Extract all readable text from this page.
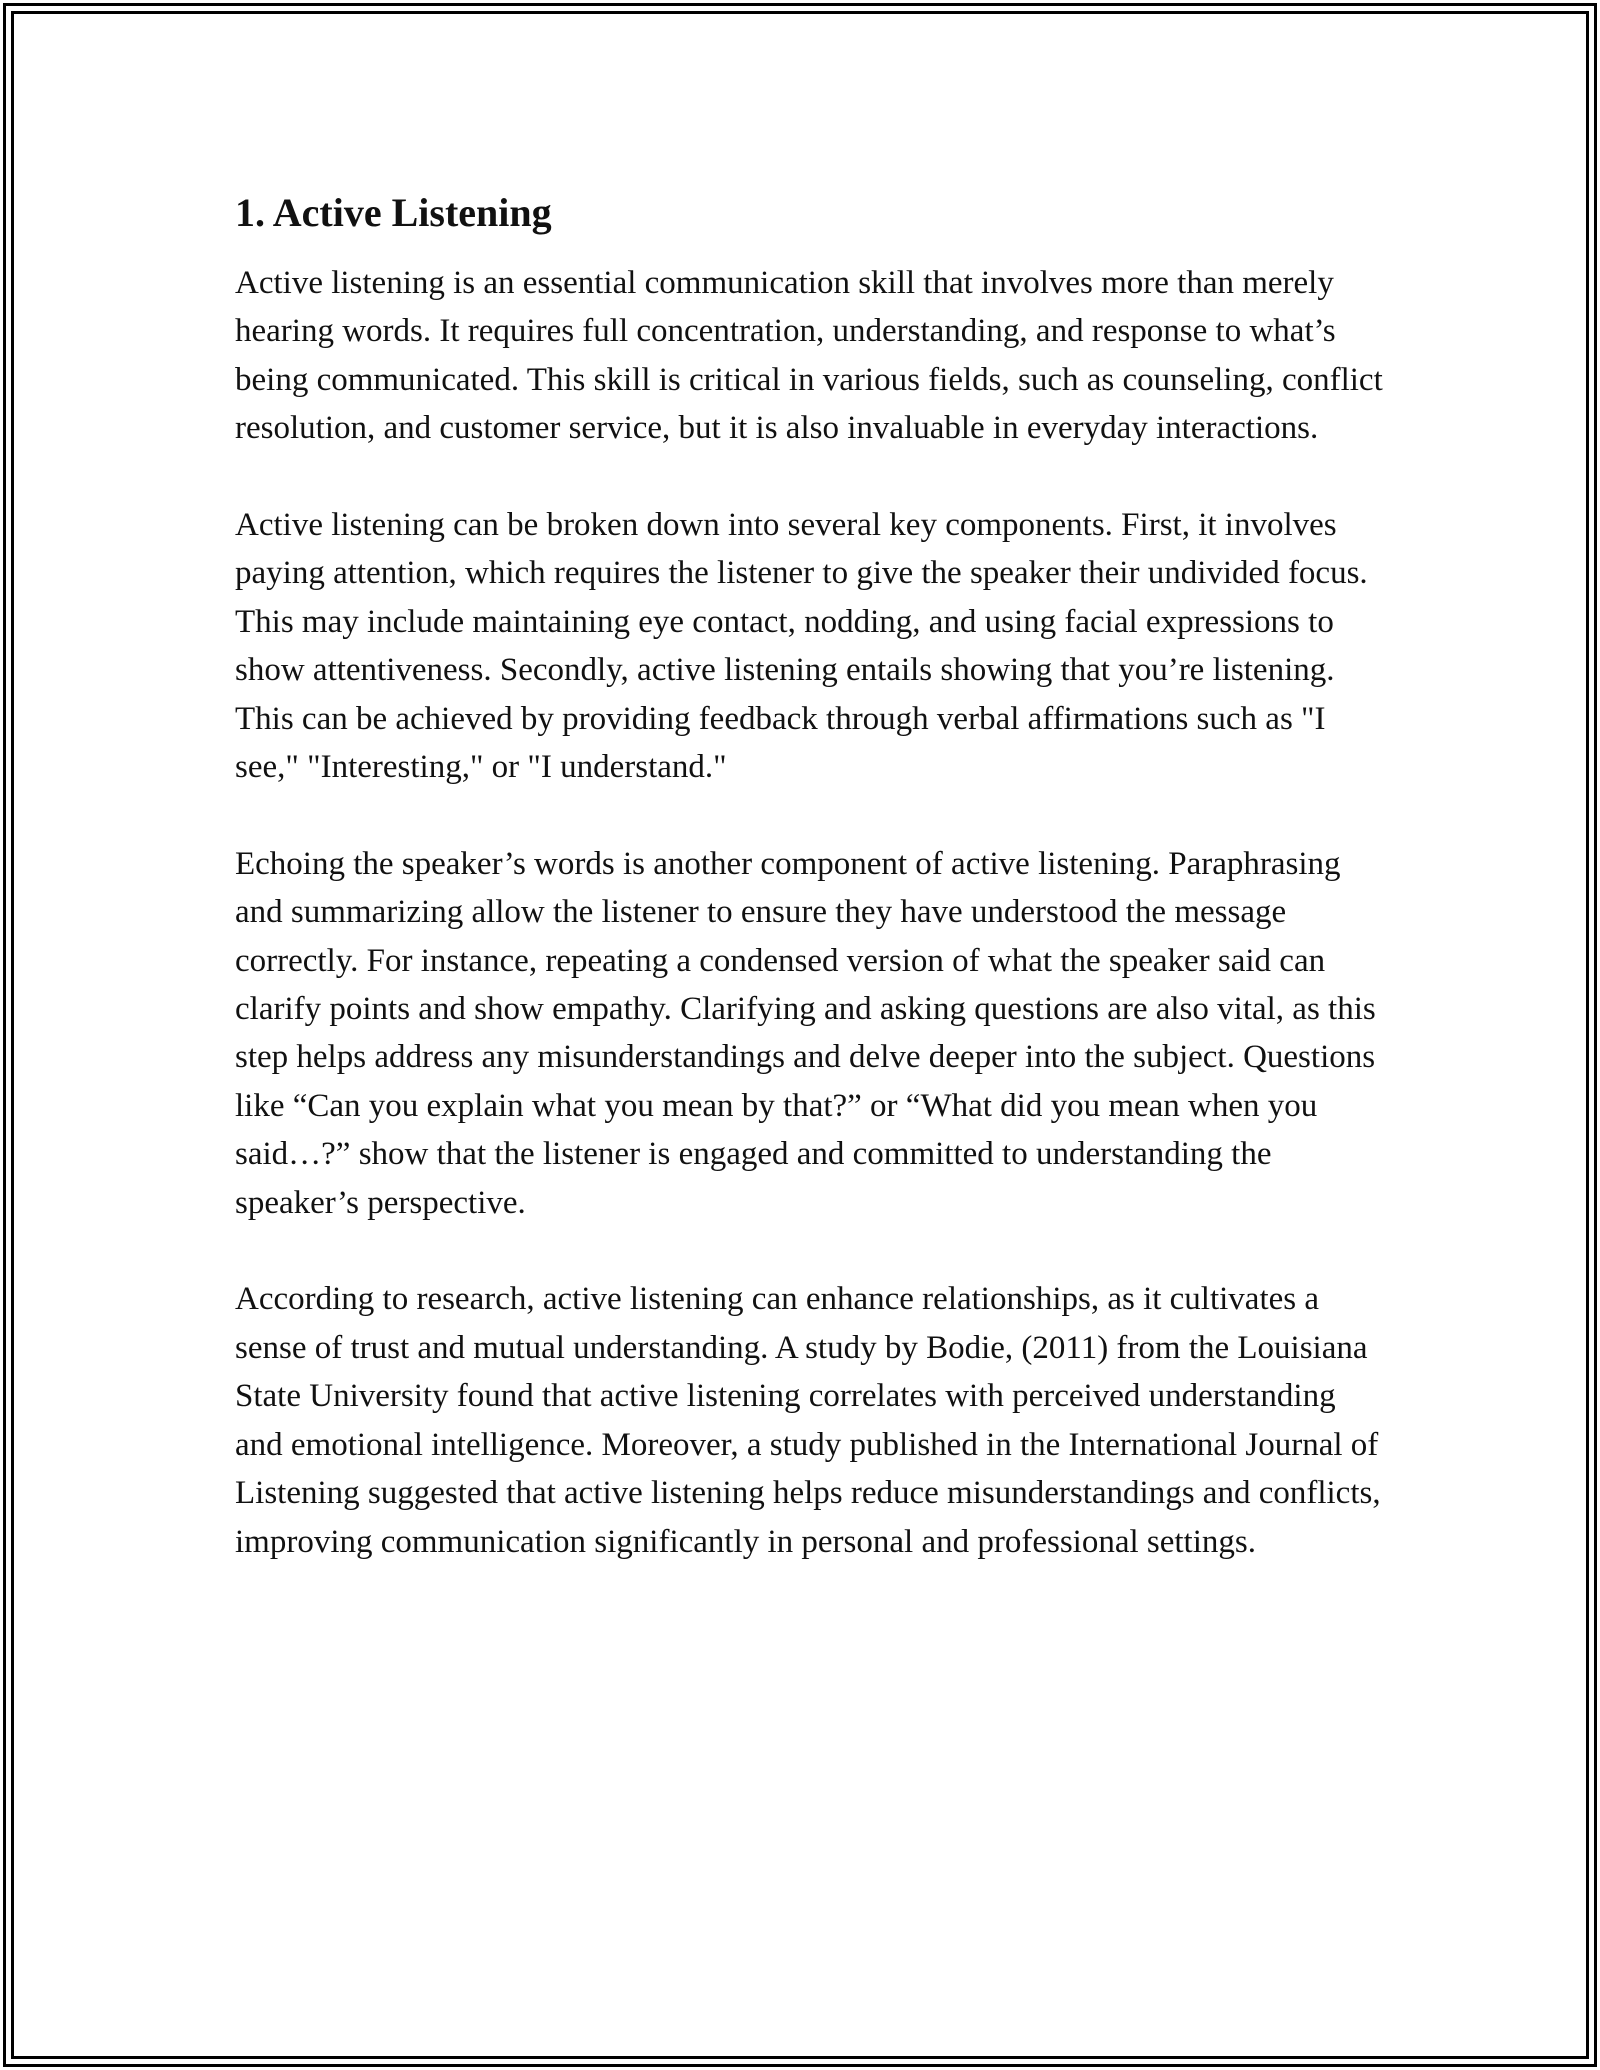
1. Active Listening

Active listening is an essential communication skill that involves more than merely hearing words. It requires full concentration, understanding, and response to what’s being communicated. This skill is critical in various fields, such as counseling, conflict resolution, and customer service, but it is also invaluable in everyday interactions.

Active listening can be broken down into several key components. First, it involves paying attention, which requires the listener to give the speaker their undivided focus. This may include maintaining eye contact, nodding, and using facial expressions to show attentiveness. Secondly, active listening entails showing that you’re listening. This can be achieved by providing feedback through verbal affirmations such as "I see," "Interesting," or "I understand."

Echoing the speaker’s words is another component of active listening. Paraphrasing and summarizing allow the listener to ensure they have understood the message correctly. For instance, repeating a condensed version of what the speaker said can clarify points and show empathy. Clarifying and asking questions are also vital, as this step helps address any misunderstandings and delve deeper into the subject. Questions like “Can you explain what you mean by that?” or “What did you mean when you said…?” show that the listener is engaged and committed to understanding the speaker’s perspective.

According to research, active listening can enhance relationships, as it cultivates a sense of trust and mutual understanding. A study by Bodie, (2011) from the Louisiana State University found that active listening correlates with perceived understanding and emotional intelligence. Moreover, a study published in the International Journal of Listening suggested that active listening helps reduce misunderstandings and conflicts, improving communication significantly in personal and professional settings.
